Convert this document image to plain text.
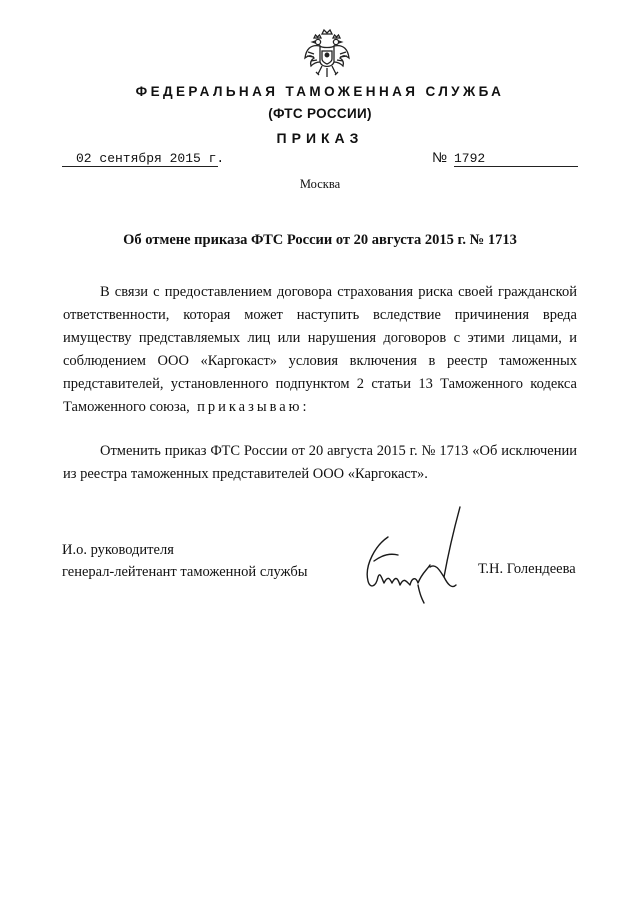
ФЕДЕРАЛЬНАЯ ТАМОЖЕННАЯ СЛУЖБА
(ФТС РОССИИ)
ПРИКАЗ
02 сентября 2015 г.	№ 1792
Москва
Об отмене приказа ФТС России от 20 августа 2015 г. № 1713

В связи с предоставлением договора страхования риска своей гражданской ответственности, которая может наступить вследствие причинения вреда имуществу представляемых лиц или нарушения договоров с этими лицами, и соблюдением ООО «Каргокаст» условия включения в реестр таможенных представителей, установленного подпунктом 2 статьи 13 Таможенного кодекса Таможенного союза, приказываю:

Отменить приказ ФТС России от 20 августа 2015 г. № 1713 «Об исключении из реестра таможенных представителей ООО «Каргокаст».

И.о. руководителя
генерал-лейтенант таможенной службы	Т.Н. Голендеева
